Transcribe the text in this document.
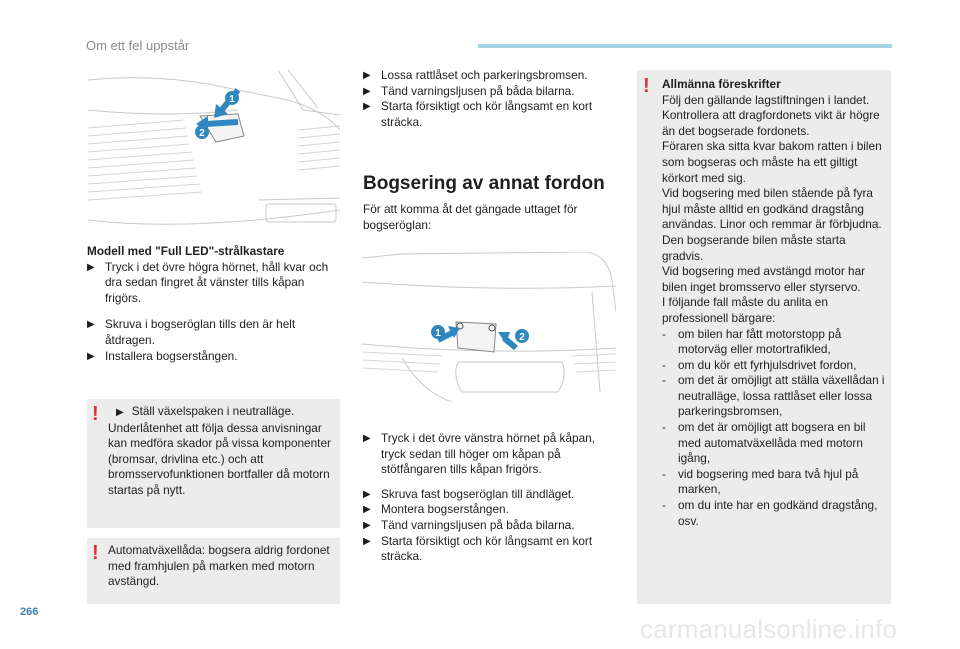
Om ett fel uppstår
1
2

Modell med "Full LED"-strålkastare

▶ Tryck i det övre högra hörnet, håll kvar och dra sedan fingret åt vänster tills kåpan frigörs.

▶ Skruva i bogseröglan tills den är helt åtdragen.

▶ Installera bogserstången.

!	▶ Ställ växelspaken i neutralläge.

Underlåtenhet att följa dessa anvisningar kan medföra skador på vissa komponenter (bromsar, drivlina etc.) och att bromsservofunktionen bortfaller då motorn startas på nytt.

! Automatväxellåda: bogsera aldrig fordonet med framhjulen på marken med motorn avstängd.

▶ Lossa rattlåset och parkeringsbromsen.

▶ Tänd varningsljusen på båda bilarna.

▶ Starta försiktigt och kör långsamt en kort sträcka.

Bogsering av annat fordon

För att komma åt det gängade uttaget för bogseröglan:

1	2

▶ Tryck i det övre vänstra hörnet på kåpan, tryck sedan till höger om kåpan på stötfångaren tills kåpan frigörs.

▶ Skruva fast bogseröglan till ändläget.

▶ Montera bogserstången.

▶ Tänd varningsljusen på båda bilarna.

▶ Starta försiktigt och kör långsamt en kort sträcka.

! Allmänna föreskrifter

Följ den gällande lagstiftningen i landet.

Kontrollera att dragfordonets vikt är högre än det bogserade fordonets.

Föraren ska sitta kvar bakom ratten i bilen som bogseras och måste ha ett giltigt körkort med sig.

Vid bogsering med bilen stående på fyra hjul måste alltid en godkänd dragstång användas. Linor och remmar är förbjudna.

Den bogserande bilen måste starta gradvis.

Vid bogsering med avstängd motor har bilen inget bromsservo eller styrservo.

I följande fall måste du anlita en professionell bärgare:

- om bilen har fått motorstopp på motorväg eller motortrafikled,

- om du kör ett fyrhjulsdrivet fordon,

- om det är omöjligt att ställa växellådan i neutralläge, lossa rattlåset eller lossa parkeringsbromsen,

- om det är omöjligt att bogsera en bil med automatväxellåda med motorn igång,

- vid bogsering med bara två hjul på marken,

- om du inte har en godkänd dragstång, osv.

266
carmanualsonline.info
